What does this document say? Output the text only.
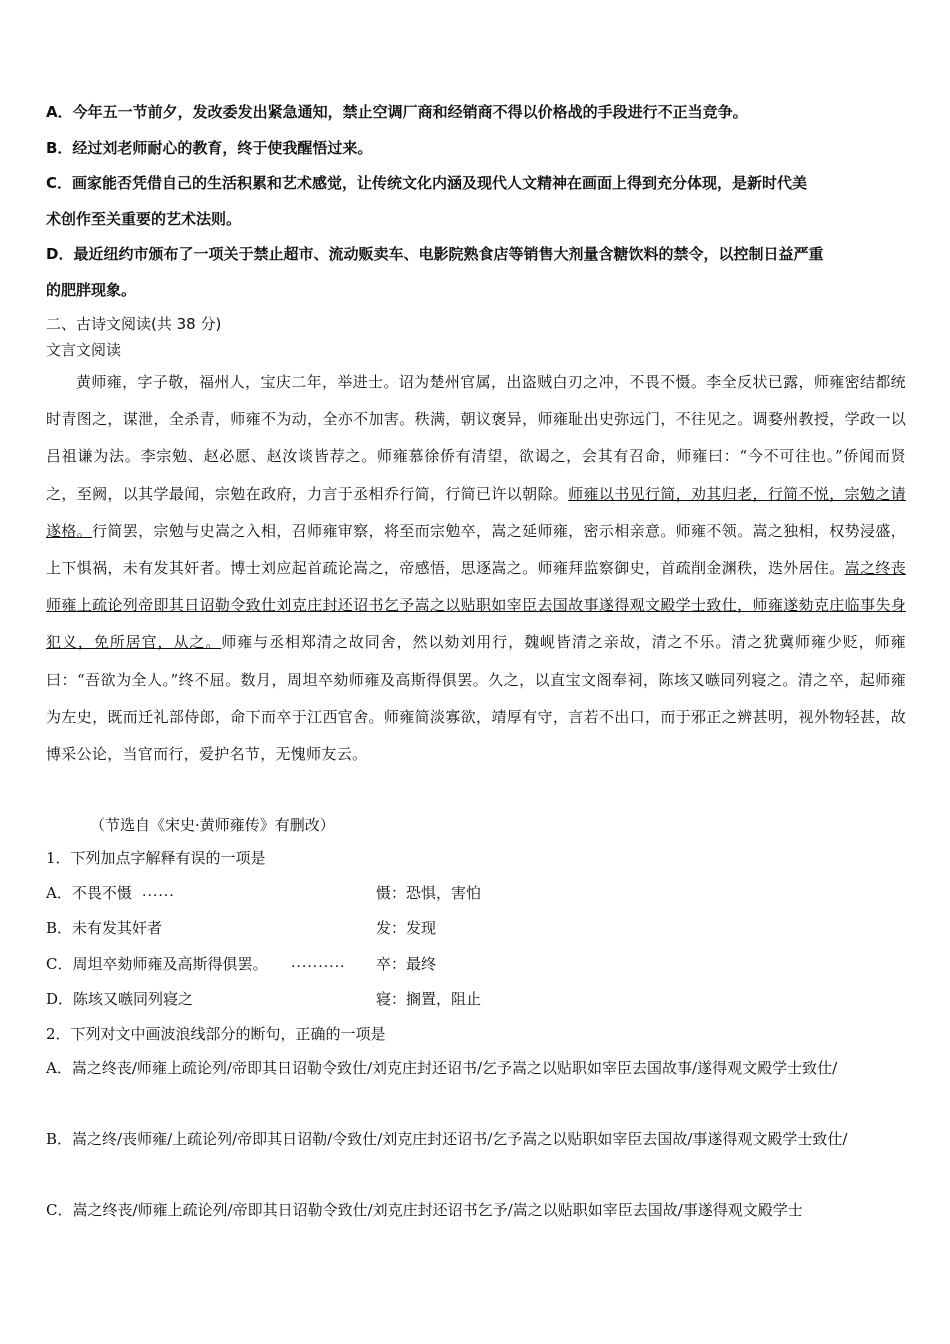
A．今年五一节前夕，发改委发出紧急通知，禁止空调厂商和经销商不得以价格战的手段进行不正当竞争。
B．经过刘老师耐心的教育，终于使我醒悟过来。
C．画家能否凭借自己的生活积累和艺术感觉，让传统文化内涵及现代人文精神在画面上得到充分体现，是新时代美
术创作至关重要的艺术法则。
D．最近纽约市颁布了一项关于禁止超市、流动贩卖车、电影院熟食店等销售大剂量含糖饮料的禁令，以控制日益严重
的肥胖现象。
二、古诗文阅读(共 38 分)
文言文阅读
黄师雍，字子敬，福州人，宝庆二年，举进士。诏为楚州官属，出盗贼白刃之冲，不畏不慑。李全反状已露，师雍密结都统时青图之，谋泄，全杀青，师雍不为动，全亦不加害。秩满，朝议褒异，师雍耻出史弥远门，不往见之。调婺州教授，学政一以吕祖谦为法。李宗勉、赵必愿、赵汝谈皆荐之。师雍慕徐侨有清望，欲谒之，会其有召命，师雍曰：“今不可往也。”侨闻而贤之，至阙，以其学最闻，宗勉在政府，力言于丞相乔行简，行简已许以朝除。师雍以书见行简，劝其归老，行简不悦，宗勉之请遂格。行简罢，宗勉与史嵩之入相，召师雍审察，将至而宗勉卒，嵩之延师雍，密示相亲意。师雍不领。嵩之独相，权势浸盛，上下惧祸，未有发其奸者。博士刘应起首疏论嵩之，帝感悟，思逐嵩之。师雍拜监察御史，首疏削金渊秩，迭外居住。嵩之终丧师雍上疏论列帝即其日诏勒令致仕刘克庄封还诏书乞予嵩之以贴职如宰臣去国故事遂得观文殿学士致仕，师雍遂劾克庄临事失身犯义，免所居官，从之。师雍与丞相郑清之故同舍，然以劾刘用行，魏岘皆清之亲故，清之不乐。清之犹冀师雍少贬，师雍曰：“吾欲为全人。”终不屈。数月，周坦卒劾师雍及高斯得俱罢。久之，以直宝文阁奉祠，陈垓又嗾同列寝之。清之卒，起师雍为左史，既而迁礼部侍郎，命下而卒于江西官舍。师雍简淡寡欲，靖厚有守，言若不出口，而于邪正之辨甚明，视外物轻甚，故博采公论，当官而行，爱护名节，无愧师友云。
（节选自《宋史·黄师雍传》有删改）
1．下列加点字解释有误的一项是
A．不畏不慑 ......	慑：恐惧，害怕
B．未有发其奸者	发：发现
C．周坦卒劾师雍及高斯得俱罢。 .......... 卒：最终
D．陈垓又嗾同列寝之	寝：搁置，阻止
2．下列对文中画波浪线部分的断句，正确的一项是
A．嵩之终丧/师雍上疏论列/帝即其日诏勒令致仕/刘克庄封还诏书/乞予嵩之以贴职如宰臣去国故事/遂得观文殿学士致仕/
B．嵩之终/丧师雍/上疏论列/帝即其日诏勒/令致仕/刘克庄封还诏书/乞予嵩之以贴职如宰臣去国故/事遂得观文殿学士致仕/
C．嵩之终丧/师雍上疏论列/帝即其日诏勒令致仕/刘克庄封还诏书乞予/嵩之以贴职如宰臣去国故/事遂得观文殿学士
